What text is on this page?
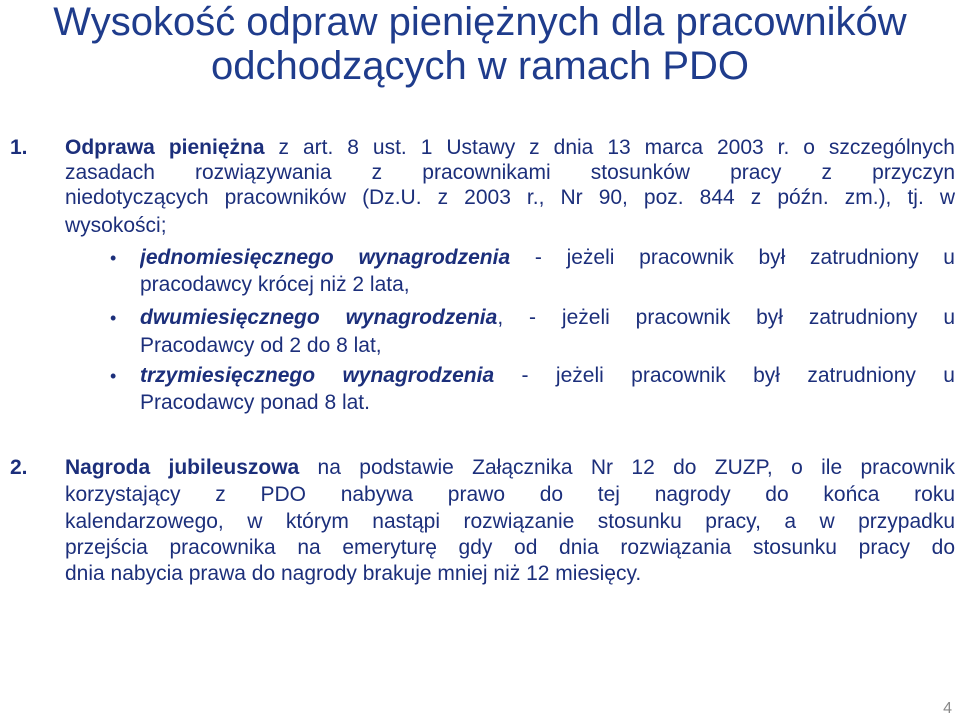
Wysokość odpraw pieniężnych dla pracowników
odchodzących w ramach PDO
1. Odprawa pieniężna z art. 8 ust. 1 Ustawy z dnia 13 marca 2003 r. o szczególnych
zasadach rozwiązywania z pracownikami stosunków pracy z przyczyn
niedotyczących pracowników (Dz.U. z 2003 r., Nr 90, poz. 844 z późn. zm.), tj. w
wysokości;
• jednomiesięcznego wynagrodzenia - jeżeli pracownik był zatrudniony u
pracodawcy krócej niż 2 lata,
• dwumiesięcznego wynagrodzenia, - jeżeli pracownik był zatrudniony u
Pracodawcy od 2 do 8 lat,
• trzymiesięcznego wynagrodzenia - jeżeli pracownik był zatrudniony u
Pracodawcy ponad 8 lat.
2. Nagroda jubileuszowa na podstawie Załącznika Nr 12 do ZUZP, o ile pracownik
korzystający z PDO nabywa prawo do tej nagrody do końca roku
kalendarzowego, w którym nastąpi rozwiązanie stosunku pracy, a w przypadku
przejścia pracownika na emeryturę gdy od dnia rozwiązania stosunku pracy do
dnia nabycia prawa do nagrody brakuje mniej niż 12 miesięcy.
4
